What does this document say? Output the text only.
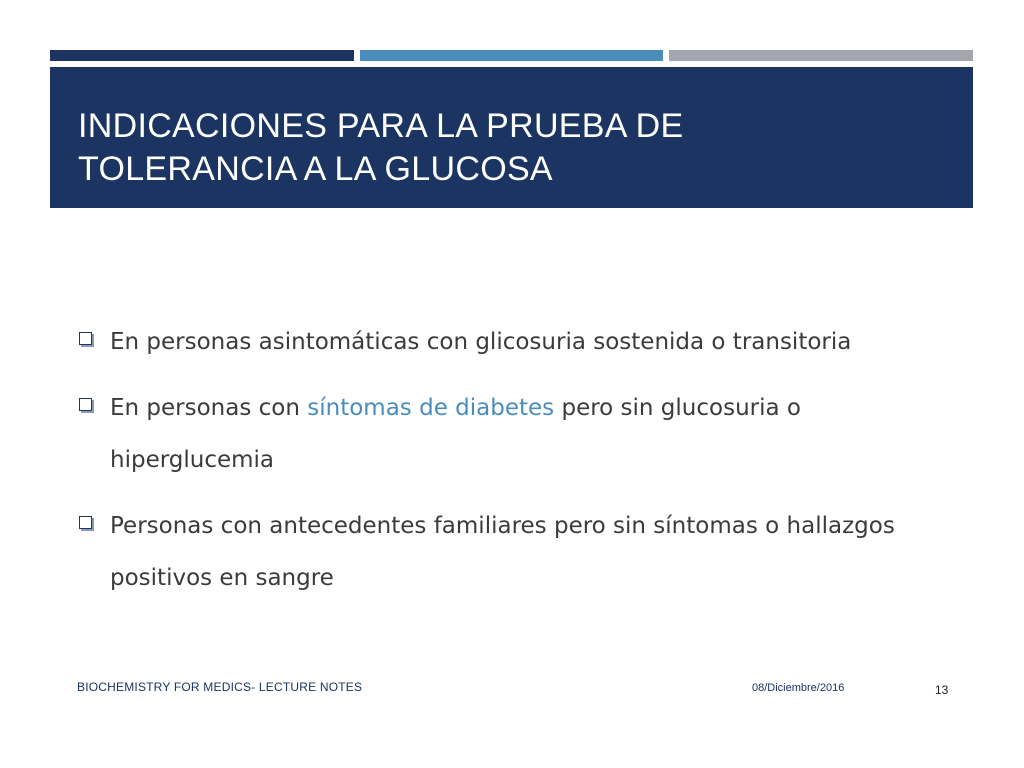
INDICACIONES PARA LA PRUEBA DE
TOLERANCIA A LA GLUCOSA
En personas asintomáticas con glicosuria sostenida o transitoria
En personas con síntomas de diabetes pero sin glucosuria o hiperglucemia
Personas con antecedentes familiares pero sin síntomas o hallazgos positivos en sangre
BIOCHEMISTRY FOR MEDICS- LECTURE NOTES	08/Diciembre/2016	13
